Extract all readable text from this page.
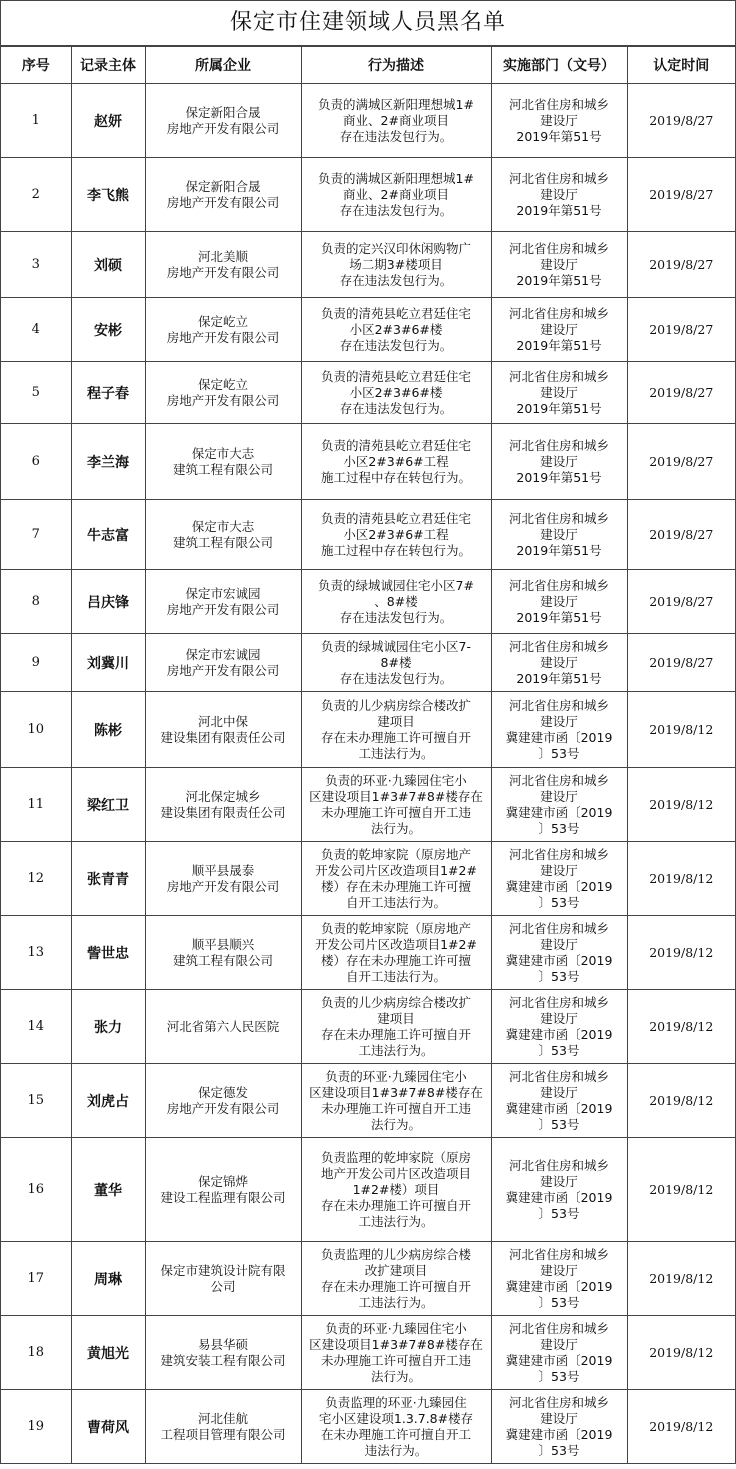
保定市住建领域人员黑名单
序号	记录主体	所属企业	行为描述	实施部门（文号）	认定时间
1	赵妍	保定新阳合晟
房地产开发有限公司	负责的满城区新阳理想城1#
商业、2#商业项目
存在违法发包行为。	河北省住房和城乡
建设厅
2019年第51号	2019/8/27
2	李飞熊	保定新阳合晟
房地产开发有限公司	负责的满城区新阳理想城1#
商业、2#商业项目
存在违法发包行为。	河北省住房和城乡
建设厅
2019年第51号	2019/8/27
3	刘硕	河北美顺
房地产开发有限公司	负责的定兴汉印休闲购物广
场二期3#楼项目
存在违法发包行为。	河北省住房和城乡
建设厅
2019年第51号	2019/8/27
4	安彬	保定屹立
房地产开发有限公司	负责的清苑县屹立君廷住宅
小区2#3#6#楼
存在违法发包行为。	河北省住房和城乡
建设厅
2019年第51号	2019/8/27
5	程子春	保定屹立
房地产开发有限公司	负责的清苑县屹立君廷住宅
小区2#3#6#楼
存在违法发包行为。	河北省住房和城乡
建设厅
2019年第51号	2019/8/27
6	李兰海	保定市大志
建筑工程有限公司	负责的清苑县屹立君廷住宅
小区2#3#6#工程
施工过程中存在转包行为。	河北省住房和城乡
建设厅
2019年第51号	2019/8/27
7	牛志富	保定市大志
建筑工程有限公司	负责的清苑县屹立君廷住宅
小区2#3#6#工程
施工过程中存在转包行为。	河北省住房和城乡
建设厅
2019年第51号	2019/8/27
8	吕庆锋	保定市宏诚园
房地产开发有限公司	负责的绿城诚园住宅小区7#
、8#楼
存在违法发包行为。	河北省住房和城乡
建设厅
2019年第51号	2019/8/27
9	刘冀川	保定市宏诚园
房地产开发有限公司	负责的绿城诚园住宅小区7-
8#楼
存在违法发包行为。	河北省住房和城乡
建设厅
2019年第51号	2019/8/27
10	陈彬	河北中保
建设集团有限责任公司	负责的儿少病房综合楼改扩
建项目
存在未办理施工许可擅自开
工违法行为。	河北省住房和城乡
建设厅
冀建建市函〔2019
〕53号	2019/8/12
11	梁红卫	河北保定城乡
建设集团有限责任公司	负责的环亚·九臻园住宅小
区建设项目1#3#7#8#楼存在
未办理施工许可擅自开工违
法行为。	河北省住房和城乡
建设厅
冀建建市函〔2019
〕53号	2019/8/12
12	张青青	顺平县晟泰
房地产开发有限公司	负责的乾坤家院（原房地产
开发公司片区改造项目1#2#
楼）存在未办理施工许可擅
自开工违法行为。	河北省住房和城乡
建设厅
冀建建市函〔2019
〕53号	2019/8/12
13	訾世忠	顺平县顺兴
建筑工程有限公司	负责的乾坤家院（原房地产
开发公司片区改造项目1#2#
楼）存在未办理施工许可擅
自开工违法行为。	河北省住房和城乡
建设厅
冀建建市函〔2019
〕53号	2019/8/12
14	张力	河北省第六人民医院	负责的儿少病房综合楼改扩
建项目
存在未办理施工许可擅自开
工违法行为。	河北省住房和城乡
建设厅
冀建建市函〔2019
〕53号	2019/8/12
15	刘虎占	保定德发
房地产开发有限公司	负责的环亚·九臻园住宅小
区建设项目1#3#7#8#楼存在
未办理施工许可擅自开工违
法行为。	河北省住房和城乡
建设厅
冀建建市函〔2019
〕53号	2019/8/12
16	董华	保定锦烨
建设工程监理有限公司	负责监理的乾坤家院（原房
地产开发公司片区改造项目
1#2#楼）项目
存在未办理施工许可擅自开
工违法行为。	河北省住房和城乡
建设厅
冀建建市函〔2019
〕53号	2019/8/12
17	周琳	保定市建筑设计院有限
公司	负责监理的儿少病房综合楼
改扩建项目
存在未办理施工许可擅自开
工违法行为。	河北省住房和城乡
建设厅
冀建建市函〔2019
〕53号	2019/8/12
18	黄旭光	易县华硕
建筑安装工程有限公司	负责的环亚·九臻园住宅小
区建设项目1#3#7#8#楼存在
未办理施工许可擅自开工违
法行为。	河北省住房和城乡
建设厅
冀建建市函〔2019
〕53号	2019/8/12
19	曹荷风	河北佳航
工程项目管理有限公司	负责监理的环亚·九臻园住
宅小区建设项1.3.7.8#楼存
在未办理施工许可擅自开工
违法行为。	河北省住房和城乡
建设厅
冀建建市函〔2019
〕53号	2019/8/12
